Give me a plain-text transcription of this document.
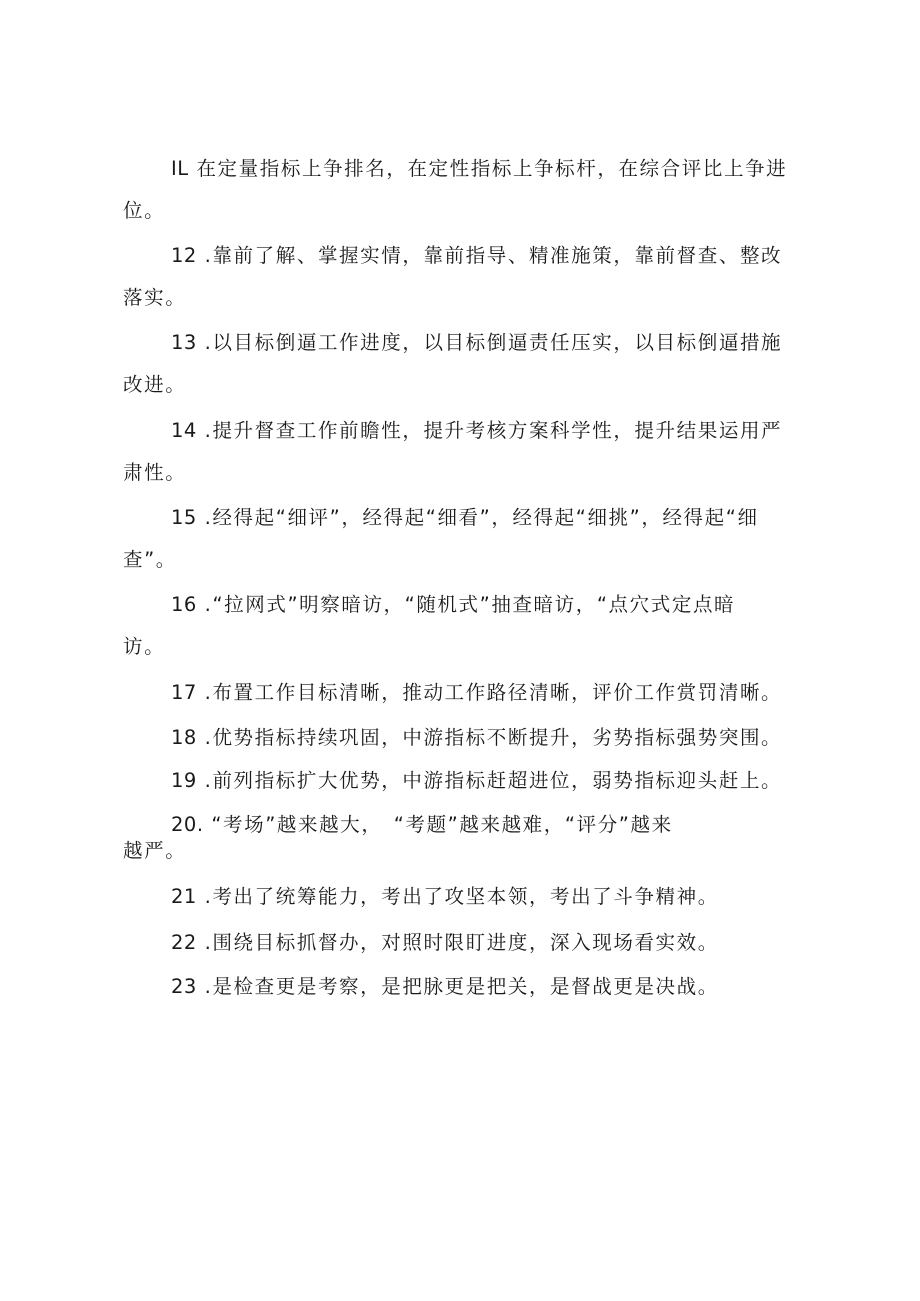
IL 在定量指标上争排名，在定性指标上争标杆，在综合评比上争进
位。
12 .靠前了解、掌握实情，靠前指导、精准施策，靠前督查、整改
落实。
13 .以目标倒逼工作进度，以目标倒逼责任压实，以目标倒逼措施
改进。
14 .提升督查工作前瞻性，提升考核方案科学性，提升结果运用严
肃性。
15 .经得起“细评”，经得起“细看”，经得起“细挑”，经得起“细
查”。
16 .“拉网式”明察暗访，“随机式”抽查暗访，“点穴式定点暗
访。
17 .布置工作目标清晰，推动工作路径清晰，评价工作赏罚清晰。
18 .优势指标持续巩固，中游指标不断提升，劣势指标强势突围。
19 .前列指标扩大优势，中游指标赶超进位，弱势指标迎头赶上。
20. “考场”越来越大，　“考题”越来越难，“评分”越来
越严。
21 .考出了统筹能力，考出了攻坚本领，考出了斗争精神。
22 .围绕目标抓督办，对照时限盯进度，深入现场看实效。
23 .是检查更是考察，是把脉更是把关，是督战更是决战。
